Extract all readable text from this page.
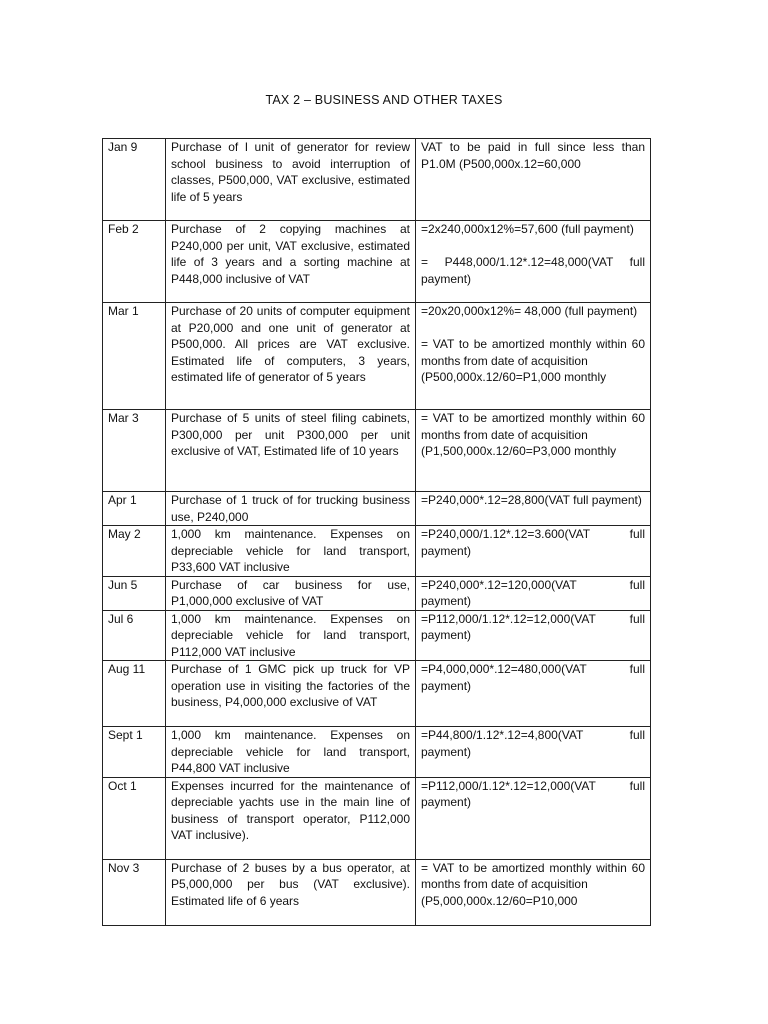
TAX 2 – BUSINESS AND OTHER TAXES
Jan 9	Purchase of I unit of generator for review school business to avoid interruption of classes, P500,000, VAT exclusive, estimated life of 5 years	VAT to be paid in full since less than P1.0M (P500,000x.12=60,000

Feb 2	Purchase of 2 copying machines at P240,000 per unit, VAT exclusive, estimated life of 3 years and a sorting machine at P448,000 inclusive of VAT	=2x240,000x12%=57,600 (full payment)

= P448,000/1.12*.12=48,000(VAT full payment)

Mar 1	Purchase of 20 units of computer equipment at P20,000 and one unit of generator at P500,000. All prices are VAT exclusive. Estimated life of computers, 3 years, estimated life of generator of 5 years	=20x20,000x12%= 48,000 (full payment)

= VAT to be amortized monthly within 60 months from date of acquisition
(P500,000x.12/60=P1,000 monthly

Mar 3	Purchase of 5 units of steel filing cabinets, P300,000 per unit P300,000 per unit exclusive of VAT, Estimated life of 10 years	= VAT to be amortized monthly within 60 months from date of acquisition
(P1,500,000x.12/60=P3,000 monthly

Apr 1	Purchase of 1 truck of for trucking business use, P240,000	=P240,000*.12=28,800(VAT full payment)

May 2	1,000 km maintenance. Expenses on depreciable vehicle for land transport, P33,600 VAT inclusive	=P240,000/1.12*.12=3.600(VAT full payment)

Jun 5	Purchase of car business for use, P1,000,000 exclusive of VAT	=P240,000*.12=120,000(VAT full payment)

Jul 6	1,000 km maintenance. Expenses on depreciable vehicle for land transport, P112,000 VAT inclusive	=P112,000/1.12*.12=12,000(VAT full payment)

Aug 11	Purchase of 1 GMC pick up truck for VP operation use in visiting the factories of the business, P4,000,000 exclusive of VAT	=P4,000,000*.12=480,000(VAT full payment)

Sept 1	1,000 km maintenance. Expenses on depreciable vehicle for land transport, P44,800 VAT inclusive	=P44,800/1.12*.12=4,800(VAT full payment)

Oct 1	Expenses incurred for the maintenance of depreciable yachts use in the main line of business of transport operator, P112,000 VAT inclusive).	=P112,000/1.12*.12=12,000(VAT full payment)

Nov 3	Purchase of 2 buses by a bus operator, at P5,000,000 per bus (VAT exclusive). Estimated life of 6 years	= VAT to be amortized monthly within 60 months from date of acquisition
(P5,000,000x.12/60=P10,000
